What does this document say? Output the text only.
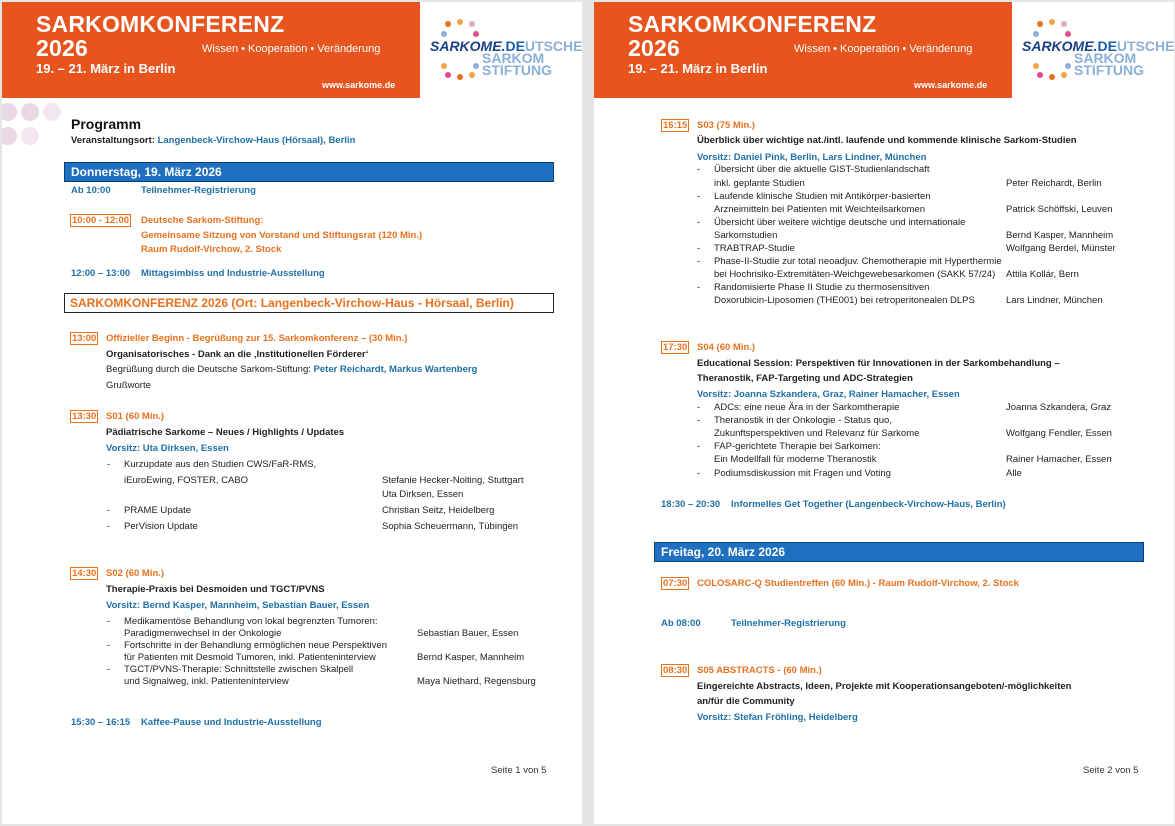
SARKOMKONFERENZ
2026
19. – 21. März in Berlin
Wissen • Kooperation • Veränderung
www.sarkome.de
SARKOME.DEUTSCHE
SARKOM
STIFTUNG
Programm
Veranstaltungsort: Langenbeck-Virchow-Haus (Hörsaal), Berlin
Donnerstag, 19. März 2026
Ab 10:00	Teilnehmer-Registrierung
10:00 - 12:00 Deutsche Sarkom-Stiftung:
Gemeinsame Sitzung von Vorstand und Stiftungsrat (120 Min.)
Raum Rudolf-Virchow, 2. Stock
12:00 – 13:00 Mittagsimbiss und Industrie-Ausstellung
SARKOMKONFERENZ 2026 (Ort: Langenbeck-Virchow-Haus - Hörsaal, Berlin)
13:00 Offizieller Beginn - Begrüßung zur 15. Sarkomkonferenz – (30 Min.)
Organisatorisches - Dank an die ‚Institutionellen Förderer‘
Begrüßung durch die Deutsche Sarkom-Stiftung: Peter Reichardt, Markus Wartenberg
Grußworte
13:30 S01 (60 Min.)
Pädiatrische Sarkome – Neues / Highlights / Updates
Vorsitz: Uta Dirksen, Essen
- Kurzupdate aus den Studien CWS/FaR-RMS,
iEuroEwing, FOSTER, CABO	Stefanie Hecker-Nolting, Stuttgart
Uta Dirksen, Essen
- PRAME Update	Christian Seitz, Heidelberg
- PerVision Update	Sophia Scheuermann, Tübingen
14:30 S02 (60 Min.)
Therapie-Praxis bei Desmoiden und TGCT/PVNS
Vorsitz: Bernd Kasper, Mannheim, Sebastian Bauer, Essen
- Medikamentöse Behandlung von lokal begrenzten Tumoren:
Paradigmenwechsel in der Onkologie	Sebastian Bauer, Essen
- Fortschritte in der Behandlung ermöglichen neue Perspektiven
für Patienten mit Desmoid Tumoren, inkl. Patienteninterview	Bernd Kasper, Mannheim
- TGCT/PVNS-Therapie: Schnittstelle zwischen Skalpell
und Signalweg, inkl. Patienteninterview	Maya Niethard, Regensburg
15:30 – 16:15 Kaffee-Pause und Industrie-Ausstellung
Seite 1 von 5
SARKOMKONFERENZ
2026
19. – 21. März in Berlin
Wissen • Kooperation • Veränderung
www.sarkome.de
SARKOME.DEUTSCHE
SARKOM
STIFTUNG
16:15 S03 (75 Min.)
Überblick über wichtige nat./intl. laufende und kommende klinische Sarkom-Studien
Vorsitz: Daniel Pink, Berlin, Lars Lindner, München
- Übersicht über die aktuelle GIST-Studienlandschaft
inkl. geplante Studien	Peter Reichardt, Berlin
- Laufende klinische Studien mit Antikörper-basierten
Arzneimitteln bei Patienten mit Weichteilsarkomen	Patrick Schöffski, Leuven
- Übersicht über weitere wichtige deutsche und internationale
Sarkomstudien	Bernd Kasper, Mannheim
- TRABTRAP-Studie	Wolfgang Berdel, Münster
- Phase-II-Studie zur total neoadjuv. Chemotherapie mit Hyperthermie
bei Hochrisiko-Extremitäten-Weichgewebesarkomen (SAKK 57/24) Attila Kollár, Bern
- Randomisierte Phase II Studie zu thermosensitiven
Doxorubicin-Liposomen (THE001) bei retroperitonealen DLPS	Lars Lindner, München
17:30 S04 (60 Min.)
Educational Session: Perspektiven für Innovationen in der Sarkombehandlung –
Theranostik, FAP-Targeting und ADC-Strategien
Vorsitz: Joanna Szkandera, Graz, Rainer Hamacher, Essen
- ADCs: eine neue Ära in der Sarkomtherapie	Joanna Szkandera, Graz
- Theranostik in der Onkologie - Status quo,
Zukunftsperspektiven und Relevanz für Sarkome	Wolfgang Fendler, Essen
- FAP-gerichtete Therapie bei Sarkomen:
Ein Modellfall für moderne Theranostik	Rainer Hamacher, Essen
- Podiumsdiskussion mit Fragen und Voting	Alle
18:30 – 20:30 Informelles Get Together (Langenbeck-Virchow-Haus, Berlin)
Freitag, 20. März 2026
07:30 COLOSARC-Q Studientreffen (60 Min.) - Raum Rudolf-Virchow, 2. Stock
Ab 08:00	Teilnehmer-Registrierung
08:30 S05 ABSTRACTS - (60 Min.)
Eingereichte Abstracts, Ideen, Projekte mit Kooperationsangeboten/-möglichkeiten
an/für die Community
Vorsitz: Stefan Fröhling, Heidelberg
Seite 2 von 5
